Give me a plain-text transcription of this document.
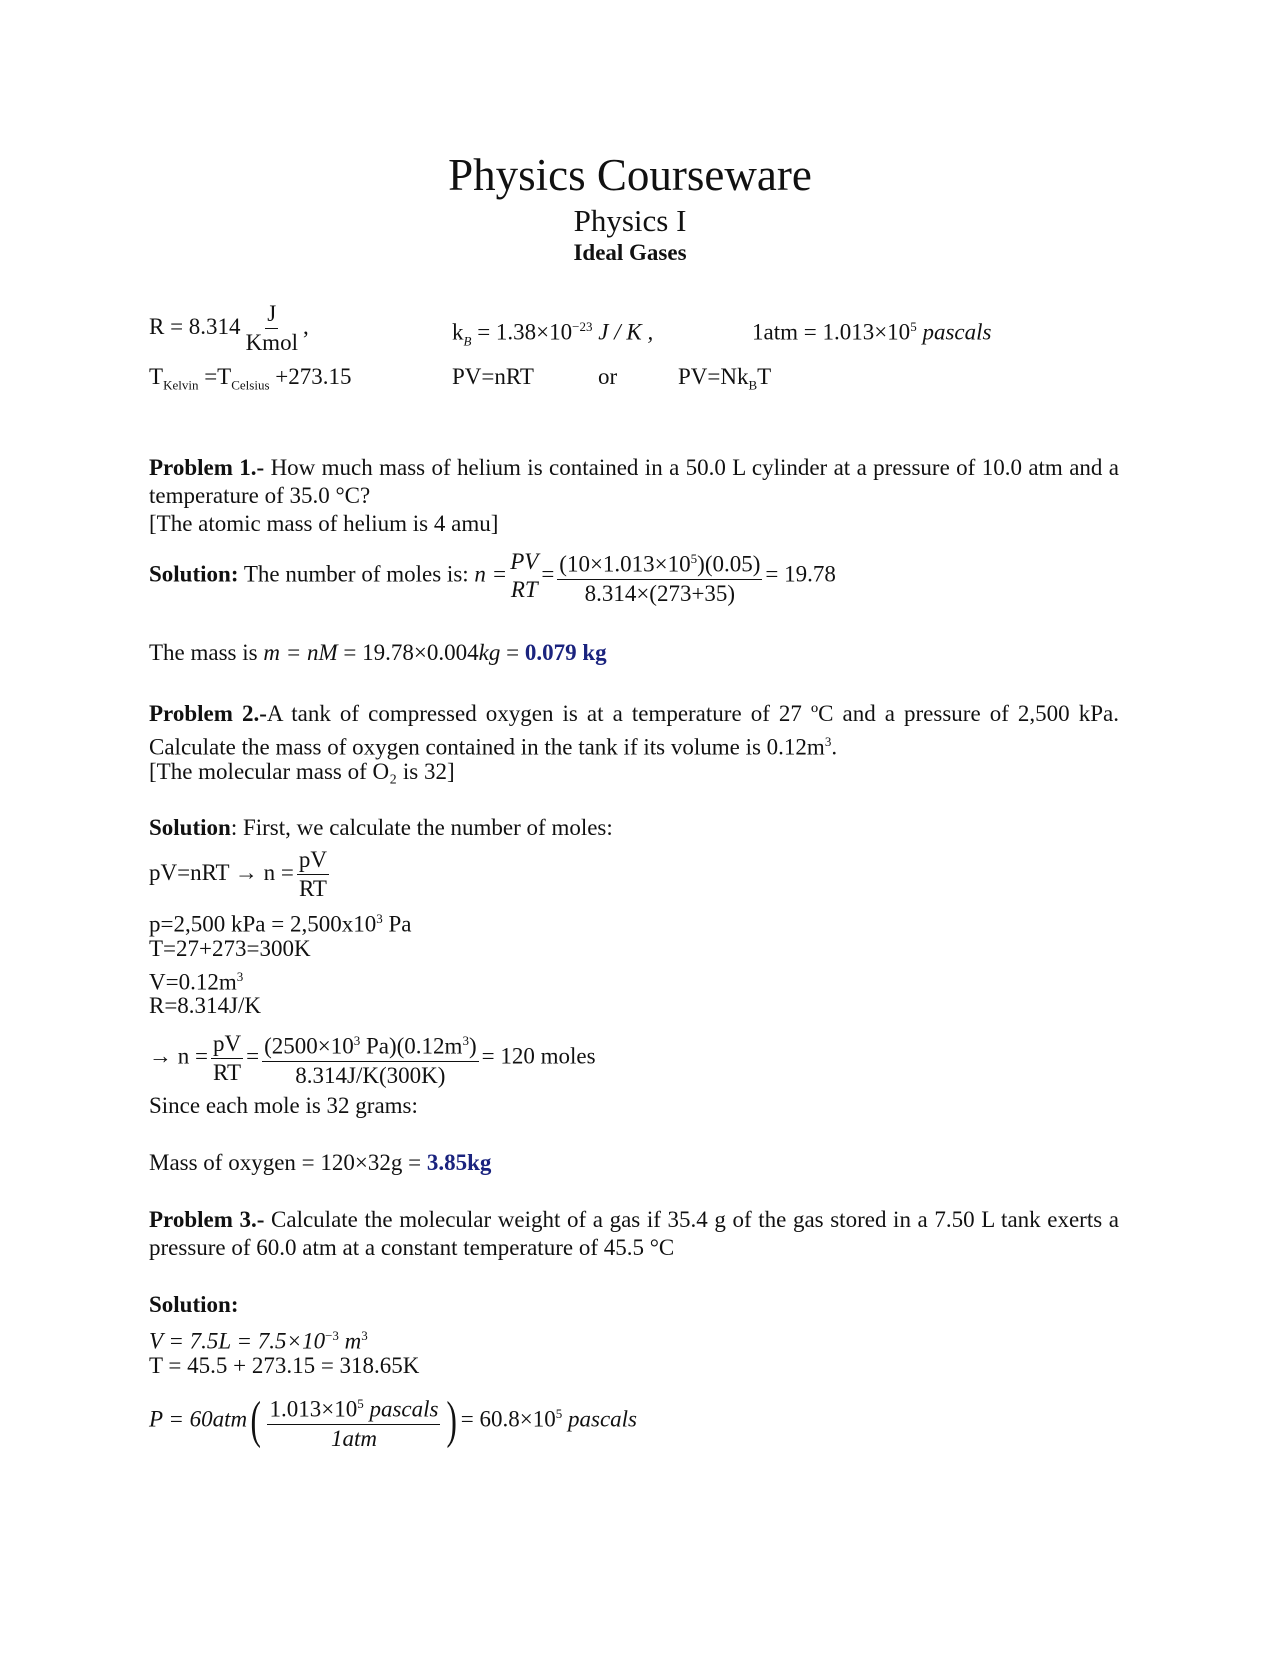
Physics Courseware
Physics I
Ideal Gases
R = 8.314
J
Kmol
,	$k_B = 1.38\times 10^{-23}$ J / K ,	$1atm = 1.013\times 10^5$ pascals
$T_{Kelvin} =T_{Celsius} +273.15$	PV=nRT	or	$PV=Nk_BT$
Problem 1.- How much mass of helium is contained in a 50.0 L cylinder at a pressure of 10.0 atm and a temperature of 35.0 °C?
[The atomic mass of helium is 4 amu]
Solution: The number of moles is: n = PV
RT
= $\frac{(10\times 1.013\times 10^5)(0.05)}{8.314\times(273+35)} = 19.78$
The mass is m = nM = 19.78×0.004kg = 0.079 kg
Problem 2.-A tank of compressed oxygen is at a temperature of 27 ºC and a pressure of 2,500 kPa. Calculate the mass of oxygen contained in the tank if its volume is $0.12m^3$.
[The molecular mass of O₂ is 32]
Solution: First, we calculate the number of moles:
$pV=nRT \to n = \frac{pV}{RT}$
p=2,500 kPa = $2,500x10^3$ Pa
T=27+273=300K
$V=0.12m^3$
R=8.314J/K
→ $n = \frac{pV}{RT} = \frac{(2500\times 10^3 Pa)(0.12m^3)}{8.314J/K(300K)} = 120$ moles
Since each mole is 32 grams:
Mass of oxygen = 120×32g = 3.85kg
Problem 3.- Calculate the molecular weight of a gas if 35.4 g of the gas stored in a 7.50 L tank exerts a pressure of 60.0 atm at a constant temperature of 45.5 °C
Solution:
$V = 7.5L = 7.5\times 10^{-3}$ $m^3$
T = 45.5 + 273.15 = 318.65K
P = 60atm( $1.013\times 10^5$ pascals
1atm ) = $60.8\times 10^5$ pascals
